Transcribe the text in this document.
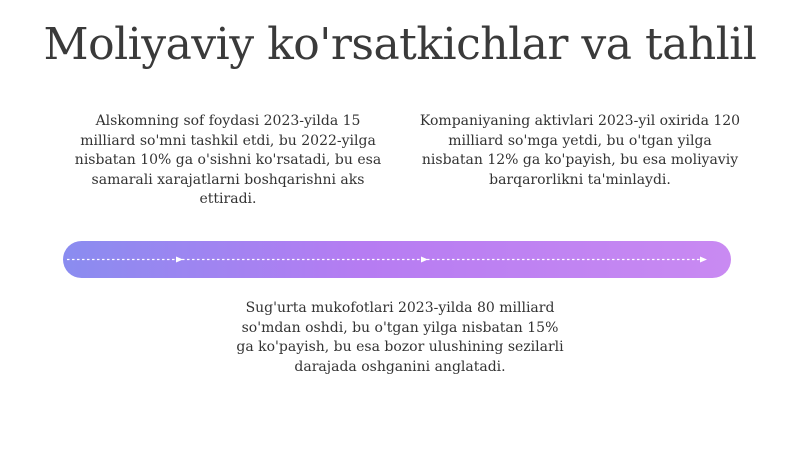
Moliyaviy ko'rsatkichlar va tahlil
Alskomning sof foydasi 2023-yilda 15 milliard so'mni tashkil etdi, bu 2022-yilga nisbatan 10% ga o'sishni ko'rsatadi, bu esa samarali xarajatlarni boshqarishni aks ettiradi.
Kompaniyaning aktivlari 2023-yil oxirida 120 milliard so'mga yetdi, bu o'tgan yilga nisbatan 12% ga ko'payish, bu esa moliyaviy barqarorlikni ta'minlaydi.
Sug'urta mukofotlari 2023-yilda 80 milliard so'mdan oshdi, bu o'tgan yilga nisbatan 15% ga ko'payish, bu esa bozor ulushining sezilarli darajada oshganini anglatadi.
